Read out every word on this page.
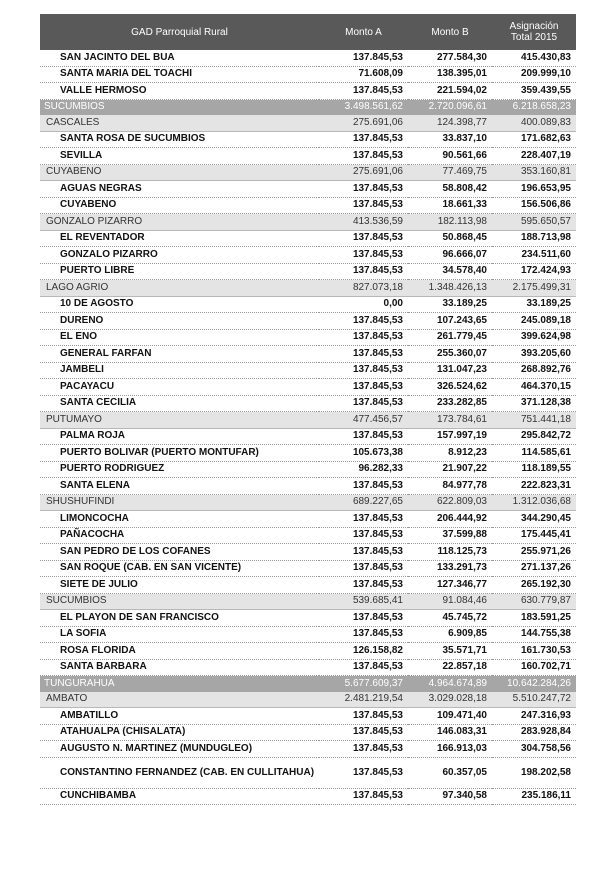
GAD Parroquial Rural	Monto A	Monto B	Asignación
Total 2015
SAN JACINTO DEL BUA	137.845,53	277.584,30	415.430,83
SANTA MARIA DEL TOACHI	71.608,09	138.395,01	209.999,10
VALLE HERMOSO	137.845,53	221.594,02	359.439,55
SUCUMBIOS	3.498.561,62	2.720.096,61	6.218.658,23
CASCALES	275.691,06	124.398,77	400.089,83
SANTA ROSA DE SUCUMBIOS	137.845,53	33.837,10	171.682,63
SEVILLA	137.845,53	90.561,66	228.407,19
CUYABENO	275.691,06	77.469,75	353.160,81
AGUAS NEGRAS	137.845,53	58.808,42	196.653,95
CUYABENO	137.845,53	18.661,33	156.506,86
GONZALO PIZARRO	413.536,59	182.113,98	595.650,57
EL REVENTADOR	137.845,53	50.868,45	188.713,98
GONZALO PIZARRO	137.845,53	96.666,07	234.511,60
PUERTO LIBRE	137.845,53	34.578,40	172.424,93
LAGO AGRIO	827.073,18	1.348.426,13	2.175.499,31
10 DE AGOSTO	0,00	33.189,25	33.189,25
DURENO	137.845,53	107.243,65	245.089,18
EL ENO	137.845,53	261.779,45	399.624,98
GENERAL FARFAN	137.845,53	255.360,07	393.205,60
JAMBELI	137.845,53	131.047,23	268.892,76
PACAYACU	137.845,53	326.524,62	464.370,15
SANTA CECILIA	137.845,53	233.282,85	371.128,38
PUTUMAYO	477.456,57	173.784,61	751.441,18
PALMA ROJA	137.845,53	157.997,19	295.842,72
PUERTO BOLIVAR (PUERTO MONTUFAR)	105.673,38	8.912,23	114.585,61
PUERTO RODRIGUEZ	96.282,33	21.907,22	118.189,55
SANTA ELENA	137.845,53	84.977,78	222.823,31
SHUSHUFINDI	689.227,65	622.809,03	1.312.036,68
LIMONCOCHA	137.845,53	206.444,92	344.290,45
PAÑACOCHA	137.845,53	37.599,88	175.445,41
SAN PEDRO DE LOS COFANES	137.845,53	118.125,73	255.971,26
SAN ROQUE (CAB. EN SAN VICENTE)	137.845,53	133.291,73	271.137,26
SIETE DE JULIO	137.845,53	127.346,77	265.192,30
SUCUMBIOS	539.685,41	91.084,46	630.779,87
EL PLAYON DE SAN FRANCISCO	137.845,53	45.745,72	183.591,25
LA SOFIA	137.845,53	6.909,85	144.755,38
ROSA FLORIDA	126.158,82	35.571,71	161.730,53
SANTA BARBARA	137.845,53	22.857,18	160.702,71
TUNGURAHUA	5.677.609,37	4.964.674,89	10.642.284,26
AMBATO	2.481.219,54	3.029.028,18	5.510.247,72
AMBATILLO	137.845,53	109.471,40	247.316,93
ATAHUALPA (CHISALATA)	137.845,53	146.083,31	283.928,84
AUGUSTO N. MARTINEZ (MUNDUGLEO)	137.845,53	166.913,03	304.758,56
CONSTANTINO FERNANDEZ (CAB. EN CULLITAHUA)	137.845,53	60.357,05	198.202,58
CUNCHIBAMBA	137.845,53	97.340,58	235.186,11
